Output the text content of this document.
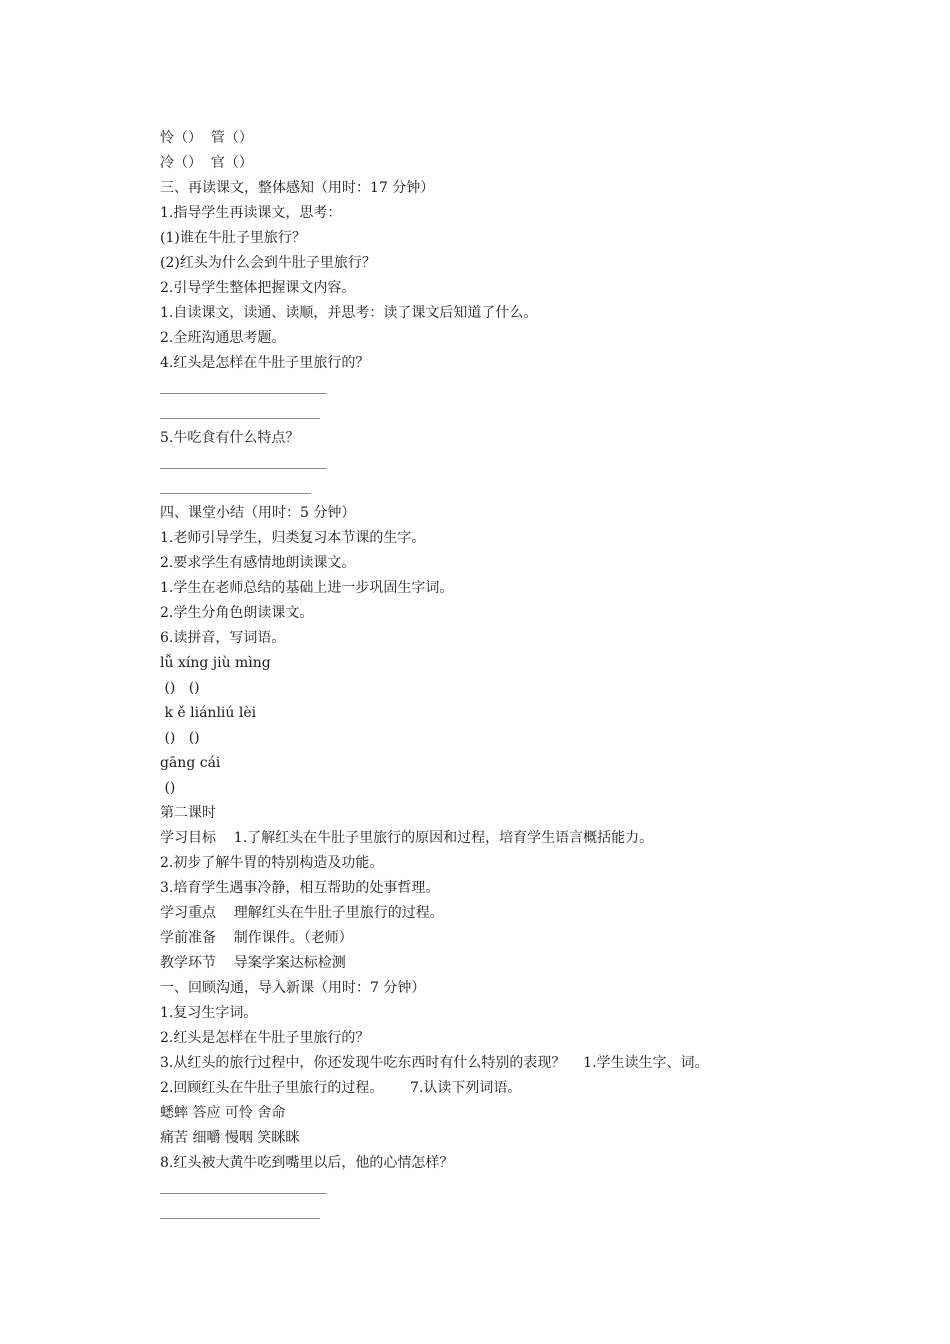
怜（）  管（）
冷（）  官（）
三、再读课文，整体感知（用时：17 分钟）
1.指导学生再读课文，思考：
(1)谁在牛肚子里旅行？
(2)红头为什么会到牛肚子里旅行？
2.引导学生整体把握课文内容。
1.自读课文，读通、读顺，并思考：读了课文后知道了什么。
2.全班沟通思考题。
4.红头是怎样在牛肚子里旅行的？
5.牛吃食有什么特点？
四、课堂小结（用时：5 分钟）
1.老师引导学生，归类复习本节课的生字。
2.要求学生有感情地朗读课文。
1.学生在老师总结的基础上进一步巩固生字词。
2.学生分角色朗读课文。
6.读拼音，写词语。
lǚ xíng jiù mìng
()   ()
k ě liánliú lèi
()   ()
gāng cái
()
第二课时
学习目标    1.了解红头在牛肚子里旅行的原因和过程，培育学生语言概括能力。
2.初步了解牛胃的特别构造及功能。
3.培育学生遇事冷静，相互帮助的处事哲理。
学习重点    理解红头在牛肚子里旅行的过程。
学前准备    制作课件。（老师）
教学环节    导案学案达标检测
一、回顾沟通，导入新课（用时：7 分钟）
1.复习生字词。
2.红头是怎样在牛肚子里旅行的？
3.从红头的旅行过程中，你还发现牛吃东西时有什么特别的表现？    1.学生读生字、词。
2.回顾红头在牛肚子里旅行的过程。      7.认读下列词语。
蟋蟀 答应 可怜 舍命
痛苦 细嚼 慢咽 笑眯眯
8.红头被大黄牛吃到嘴里以后，他的心情怎样？
